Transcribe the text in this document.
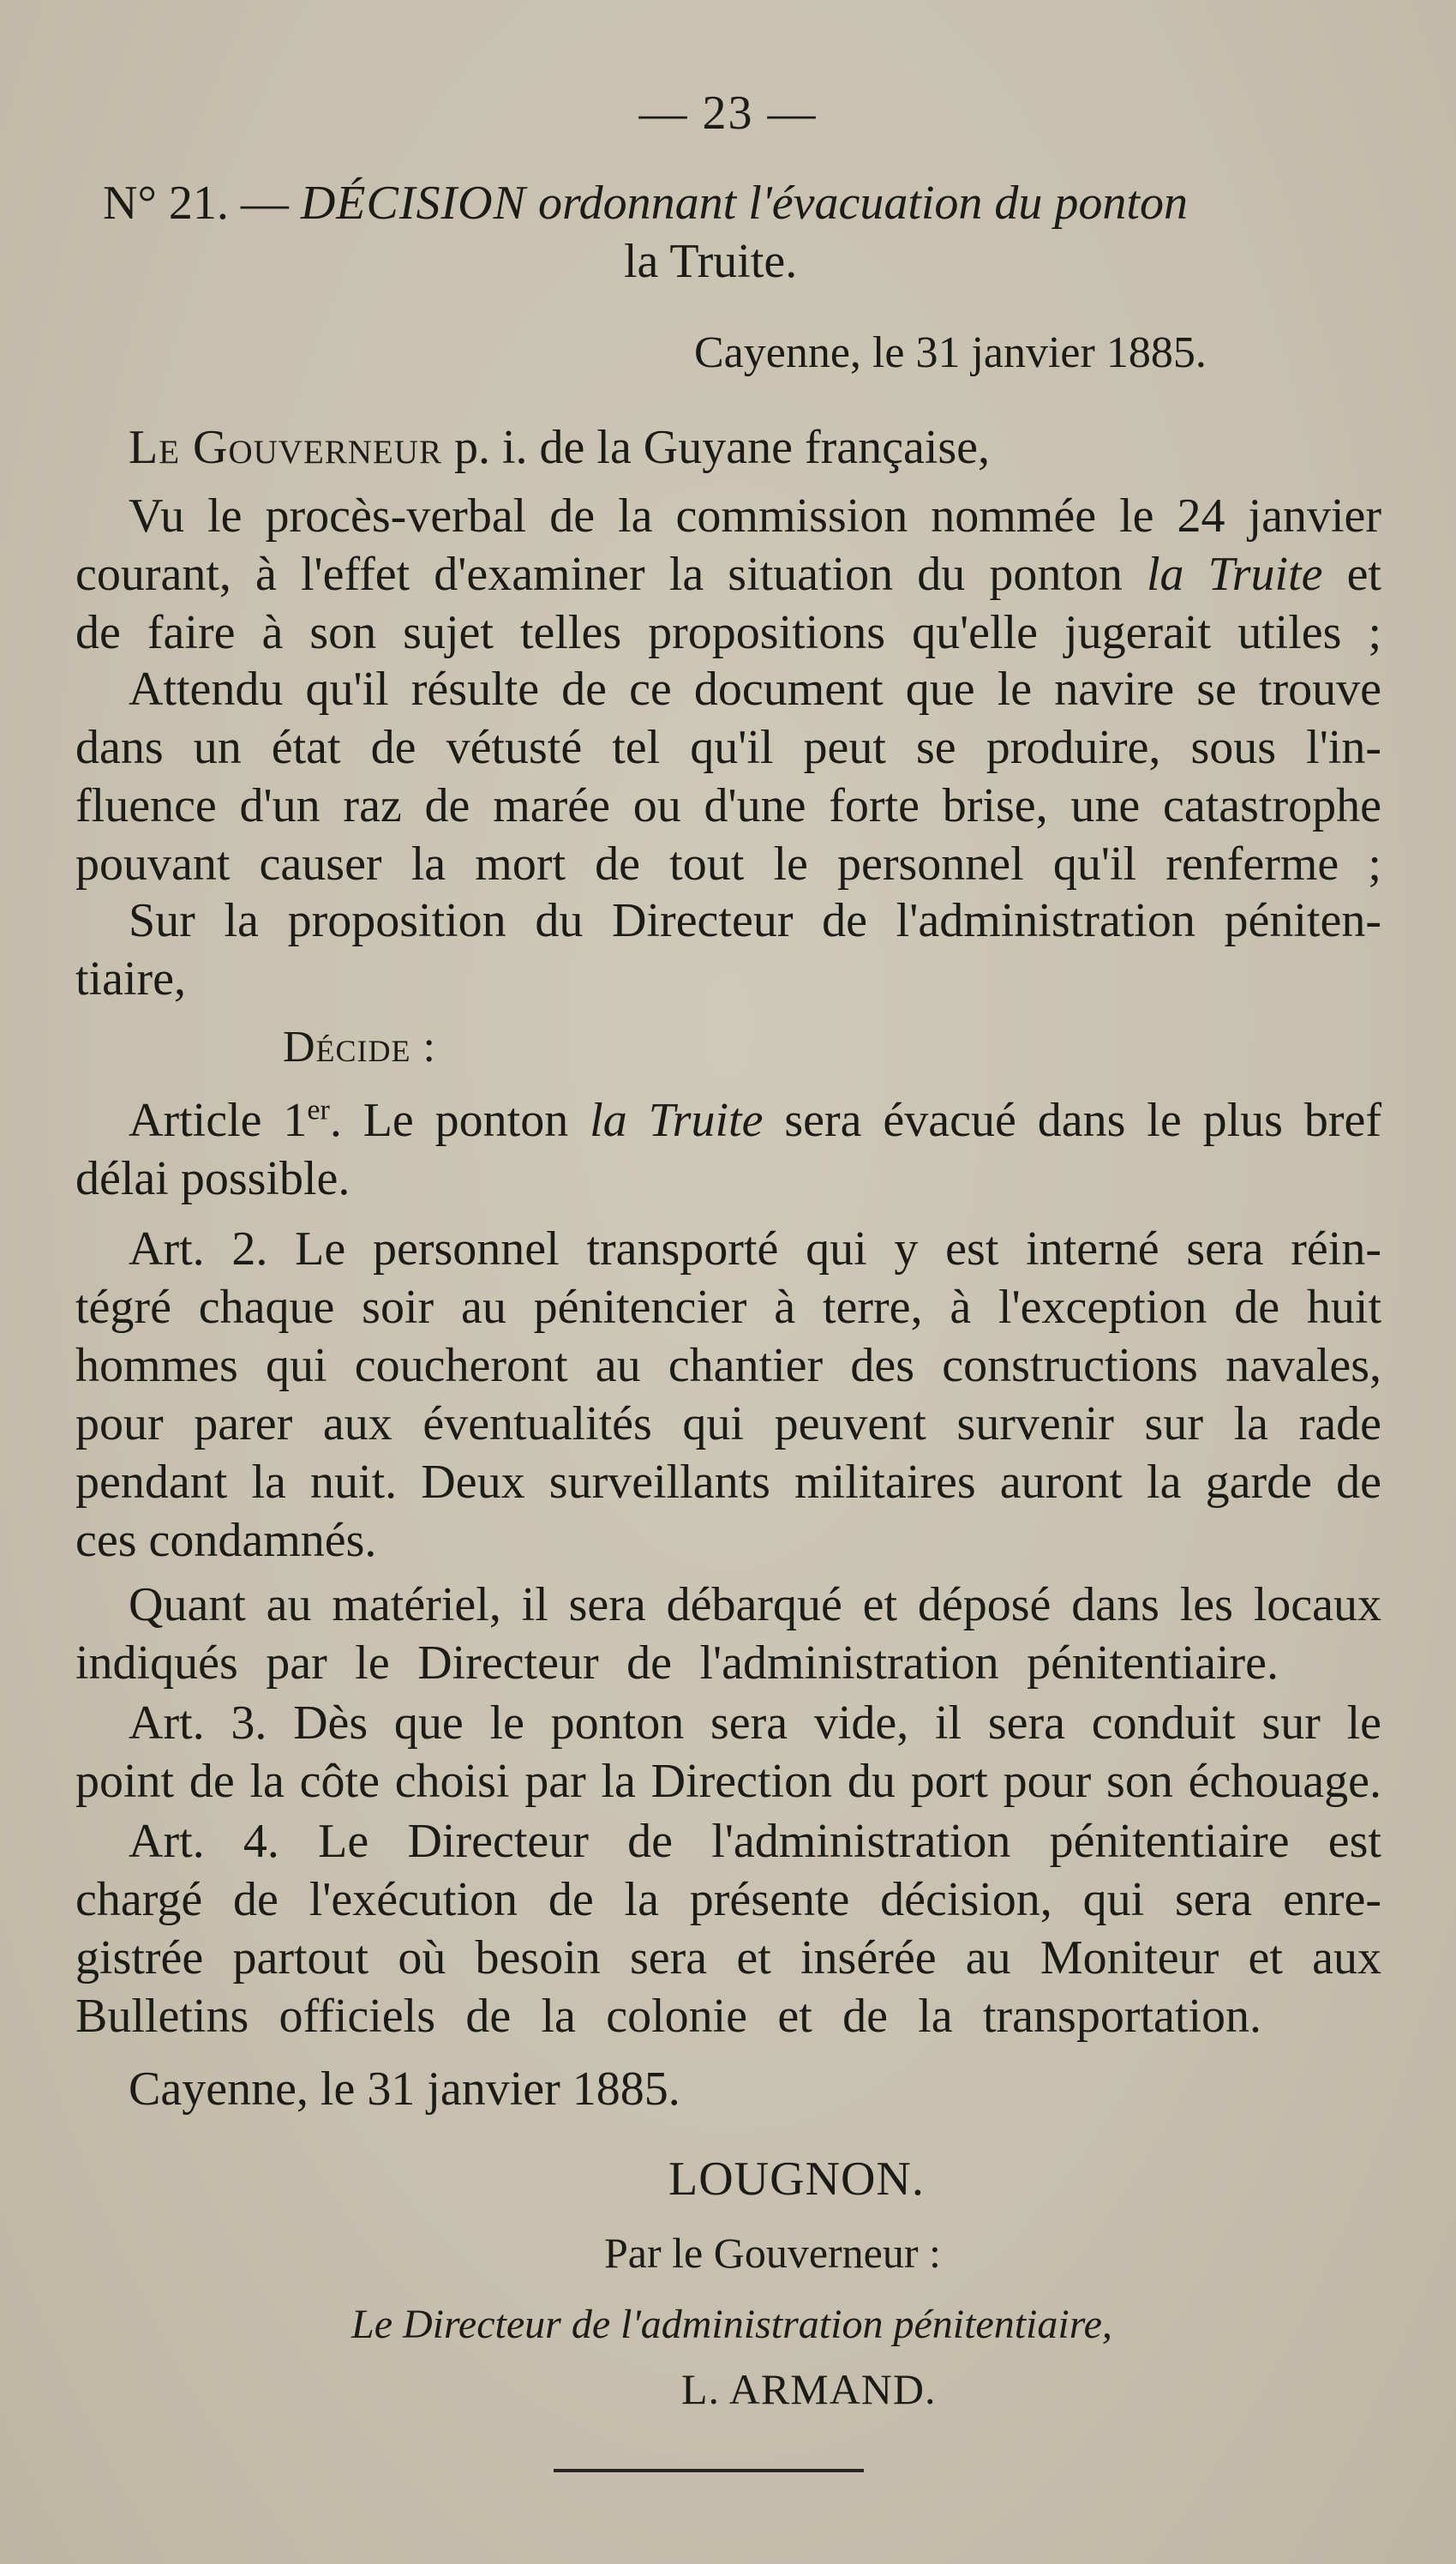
— 23 —
N° 21. — DÉCISION ordonnant l'évacuation du ponton
la Truite.
Cayenne, le 31 janvier 1885.
Le Gouverneur p. i. de la Guyane française,
Vu le procès-verbal de la commission nommée le 24 janvier
courant, à l'effet d'examiner la situation du ponton la Truite et
de faire à son sujet telles propositions qu'elle jugerait utiles ;
Attendu qu'il résulte de ce document que le navire se trouve
dans un état de vétusté tel qu'il peut se produire, sous l'in-
fluence d'un raz de marée ou d'une forte brise, une catastrophe
pouvant causer la mort de tout le personnel qu'il renferme ;
Sur la proposition du Directeur de l'administration péniten-
tiaire,
Décide :
Article 1er. Le ponton la Truite sera évacué dans le plus bref
délai possible.
Art. 2. Le personnel transporté qui y est interné sera réin-
tégré chaque soir au pénitencier à terre, à l'exception de huit
hommes qui coucheront au chantier des constructions navales,
pour parer aux éventualités qui peuvent survenir sur la rade
pendant la nuit. Deux surveillants militaires auront la garde de
ces condamnés.
Quant au matériel, il sera débarqué et déposé dans les locaux
indiqués par le Directeur de l'administration pénitentiaire.
Art. 3. Dès que le ponton sera vide, il sera conduit sur le
point de la côte choisi par la Direction du port pour son échouage.
Art. 4. Le Directeur de l'administration pénitentiaire est
chargé de l'exécution de la présente décision, qui sera enre-
gistrée partout où besoin sera et insérée au Moniteur et aux
Bulletins officiels de la colonie et de la transportation.
Cayenne, le 31 janvier 1885.
LOUGNON.
Par le Gouverneur :
Le Directeur de l'administration pénitentiaire,
L. ARMAND.
